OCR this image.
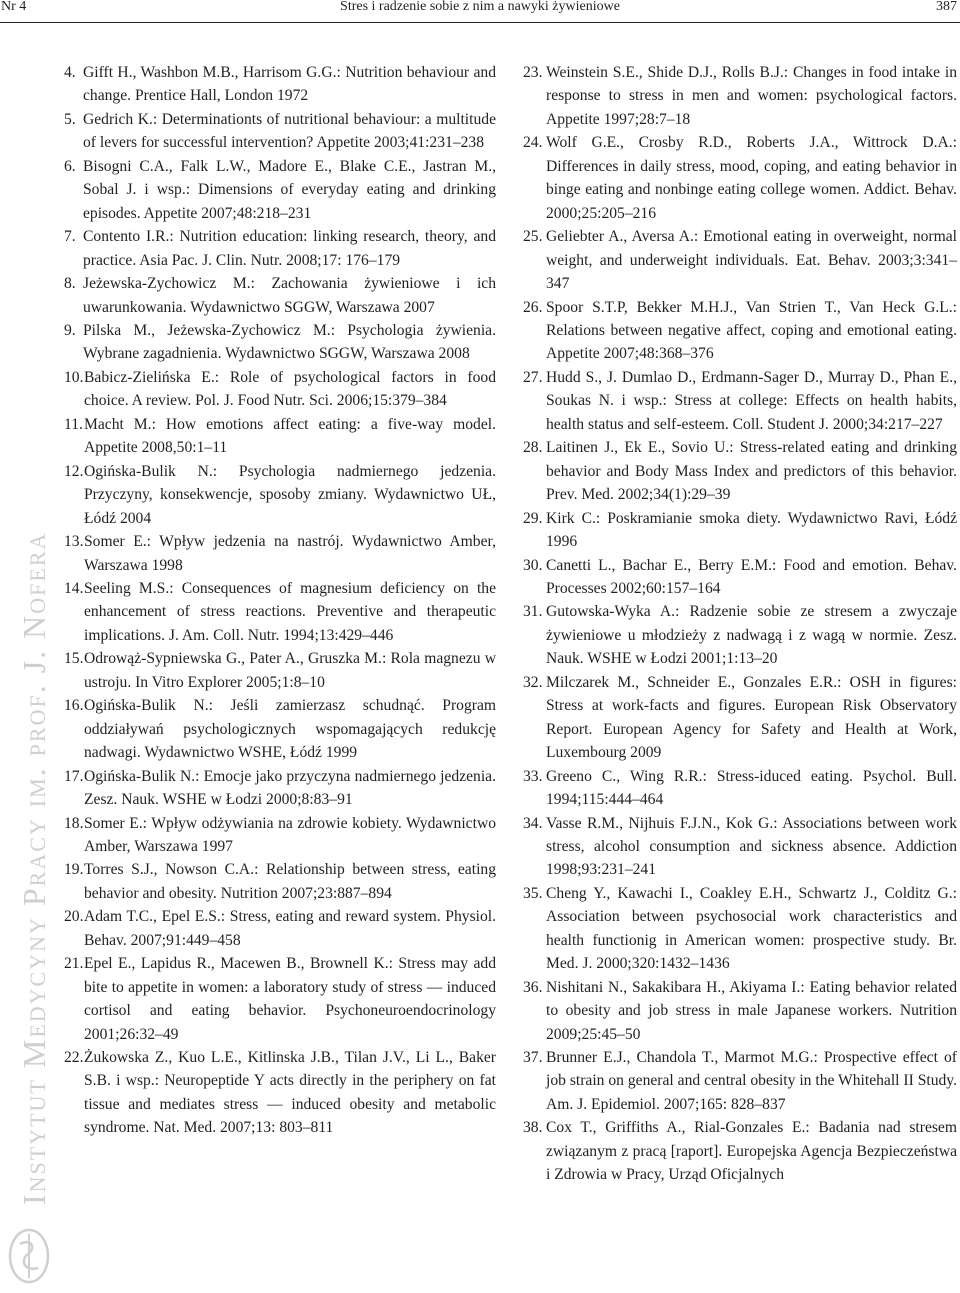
Nr 4	Stres i radzenie sobie z nim a nawyki żywieniowe	387
Instytut Medycyny Pracy im. prof. J. Nofera
4. Gifft H., Washbon M.B., Harrisom G.G.: Nutrition behaviour and change. Prentice Hall, London 1972
5. Gedrich K.: Determinationts of nutritional behaviour: a multitude of levers for successful intervention? Appetite 2003;41:231–238
6. Bisogni C.A., Falk L.W., Madore E., Blake C.E., Jastran M., Sobal J. i wsp.: Dimensions of everyday eating and drinking episodes. Appetite 2007;48:218–231
7. Contento I.R.: Nutrition education: linking research, theory, and practice. Asia Pac. J. Clin. Nutr. 2008;17: 176–179
8. Jeżewska-Zychowicz M.: Zachowania żywieniowe i ich uwarunkowania. Wydawnictwo SGGW, Warszawa 2007
9. Pilska M., Jeżewska-Zychowicz M.: Psychologia żywienia. Wybrane zagadnienia. Wydawnictwo SGGW, Warszawa 2008
10. Babicz-Zielińska E.: Role of psychological factors in food choice. A review. Pol. J. Food Nutr. Sci. 2006;15:379–384
11. Macht M.: How emotions affect eating: a five-way model. Appetite 2008,50:1–11
12. Ogińska-Bulik N.: Psychologia nadmiernego jedzenia. Przyczyny, konsekwencje, sposoby zmiany. Wydawnictwo UŁ, Łódź 2004
13. Somer E.: Wpływ jedzenia na nastrój. Wydawnictwo Amber, Warszawa 1998
14. Seeling M.S.: Consequences of magnesium deficiency on the enhancement of stress reactions. Preventive and therapeutic implications. J. Am. Coll. Nutr. 1994;13:429–446
15. Odrowąż-Sypniewska G., Pater A., Gruszka M.: Rola magnezu w ustroju. In Vitro Explorer 2005;1:8–10
16. Ogińska-Bulik N.: Jeśli zamierzasz schudnąć. Program oddziaływań psychologicznych wspomagających redukcję nadwagi. Wydawnictwo WSHE, Łódź 1999
17. Ogińska-Bulik N.: Emocje jako przyczyna nadmiernego jedzenia. Zesz. Nauk. WSHE w Łodzi 2000;8:83–91
18. Somer E.: Wpływ odżywiania na zdrowie kobiety. Wydawnictwo Amber, Warszawa 1997
19. Torres S.J., Nowson C.A.: Relationship between stress, eating behavior and obesity. Nutrition 2007;23:887–894
20. Adam T.C., Epel E.S.: Stress, eating and reward system. Physiol. Behav. 2007;91:449–458
21. Epel E., Lapidus R., Macewen B., Brownell K.: Stress may add bite to appetite in women: a laboratory study of stress — induced cortisol and eating behavior. Psychoneuroendocrinology 2001;26:32–49
22. Żukowska Z., Kuo L.E., Kitlinska J.B., Tilan J.V., Li L., Baker S.B. i wsp.: Neuropeptide Y acts directly in the periphery on fat tissue and mediates stress — induced obesity and metabolic syndrome. Nat. Med. 2007;13: 803–811
23. Weinstein S.E., Shide D.J., Rolls B.J.: Changes in food intake in response to stress in men and women: psychological factors. Appetite 1997;28:7–18
24. Wolf G.E., Crosby R.D., Roberts J.A., Wittrock D.A.: Differences in daily stress, mood, coping, and eating behavior in binge eating and nonbinge eating college women. Addict. Behav. 2000;25:205–216
25. Geliebter A., Aversa A.: Emotional eating in overweight, normal weight, and underweight individuals. Eat. Behav. 2003;3:341–347
26. Spoor S.T.P, Bekker M.H.J., Van Strien T., Van Heck G.L.: Relations between negative affect, coping and emotional eating. Appetite 2007;48:368–376
27. Hudd S., J. Dumlao D., Erdmann-Sager D., Murray D., Phan E., Soukas N. i wsp.: Stress at college: Effects on health habits, health status and self-esteem. Coll. Student J. 2000;34:217–227
28. Laitinen J., Ek E., Sovio U.: Stress-related eating and drinking behavior and Body Mass Index and predictors of this behavior. Prev. Med. 2002;34(1):29–39
29. Kirk C.: Poskramianie smoka diety. Wydawnictwo Ravi, Łódź 1996
30. Canetti L., Bachar E., Berry E.M.: Food and emotion. Behav. Processes 2002;60:157–164
31. Gutowska-Wyka A.: Radzenie sobie ze stresem a zwyczaje żywieniowe u młodzieży z nadwagą i z wagą w normie. Zesz. Nauk. WSHE w Łodzi 2001;1:13–20
32. Milczarek M., Schneider E., Gonzales E.R.: OSH in figures: Stress at work-facts and figures. European Risk Observatory Report. European Agency for Safety and Health at Work, Luxembourg 2009
33. Greeno C., Wing R.R.: Stress-iduced eating. Psychol. Bull. 1994;115:444–464
34. Vasse R.M., Nijhuis F.J.N., Kok G.: Associations between work stress, alcohol consumption and sickness absence. Addiction 1998;93:231–241
35. Cheng Y., Kawachi I., Coakley E.H., Schwartz J., Colditz G.: Association between psychosocial work characteristics and health functionig in American women: prospective study. Br. Med. J. 2000;320:1432–1436
36. Nishitani N., Sakakibara H., Akiyama I.: Eating behavior related to obesity and job stress in male Japanese workers. Nutrition 2009;25:45–50
37. Brunner E.J., Chandola T., Marmot M.G.: Prospective effect of job strain on general and central obesity in the Whitehall II Study. Am. J. Epidemiol. 2007;165: 828–837
38. Cox T., Griffiths A., Rial-Gonzales E.: Badania nad stresem związanym z pracą [raport]. Europejska Agencja Bezpieczeństwa i Zdrowia w Pracy, Urząd Oficjalnych
